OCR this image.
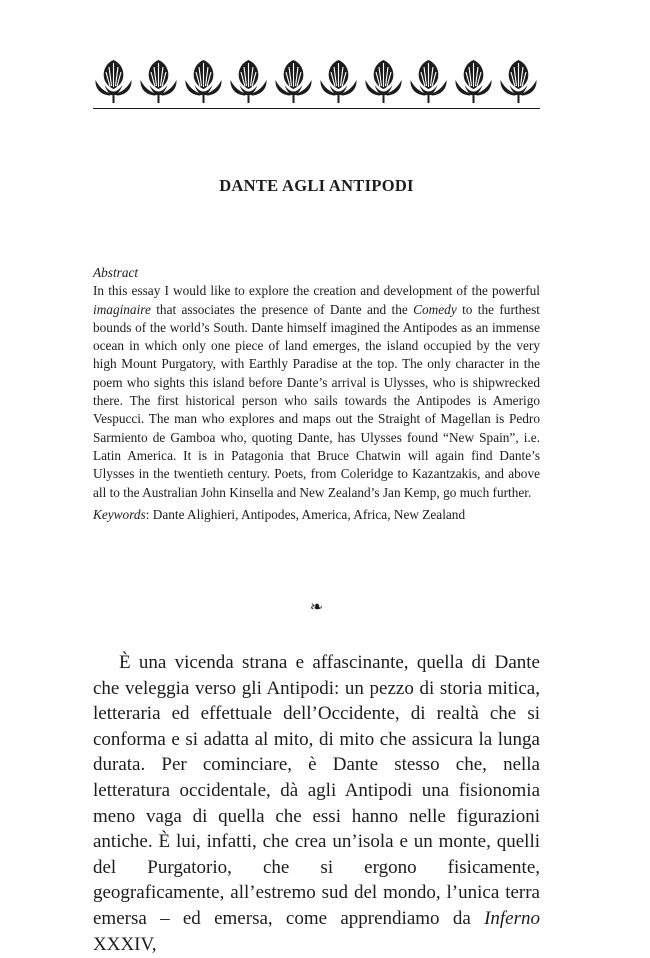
DANTE AGLI ANTIPODI

Abstract

In this essay I would like to explore the creation and development of the powerful imaginaire that associates the presence of Dante and the Comedy to the furthest bounds of the world’s South. Dante himself imagined the Antipodes as an immense ocean in which only one piece of land emerges, the island occupied by the very high Mount Purgatory, with Earthly Paradise at the top. The only character in the poem who sights this island before Dante’s arrival is Ulysses, who is shipwrecked there. The first historical person who sails towards the Antipodes is Amerigo Vespucci. The man who explores and maps out the Straight of Magellan is Pedro Sarmiento de Gamboa who, quoting Dante, has Ulysses found “New Spain”, i.e. Latin America. It is in Patagonia that Bruce Chatwin will again find Dante’s Ulysses in the twentieth century. Poets, from Coleridge to Kazantzakis, and above all to the Australian John Kinsella and New Zealand’s Jan Kemp, go much further.

Keywords: Dante Alighieri, Antipodes, America, Africa, New Zealand

❧

È una vicenda strana e affascinante, quella di Dante che veleggia verso gli Antipodi: un pezzo di storia mitica, letteraria ed effettuale dell’Occidente, di realtà che si conforma e si adatta al mito, di mito che assicura la lunga durata. Per cominciare, è Dante stesso che, nella letteratura occidentale, dà agli Antipodi una fisionomia meno vaga di quella che essi hanno nelle figurazioni antiche. È lui, infatti, che crea un’isola e un monte, quelli del Purgatorio, che si ergono fisicamente, geograficamente, all’estremo sud del mondo, l’unica terra emersa – ed emersa, come apprendiamo da Inferno XXXIV,
